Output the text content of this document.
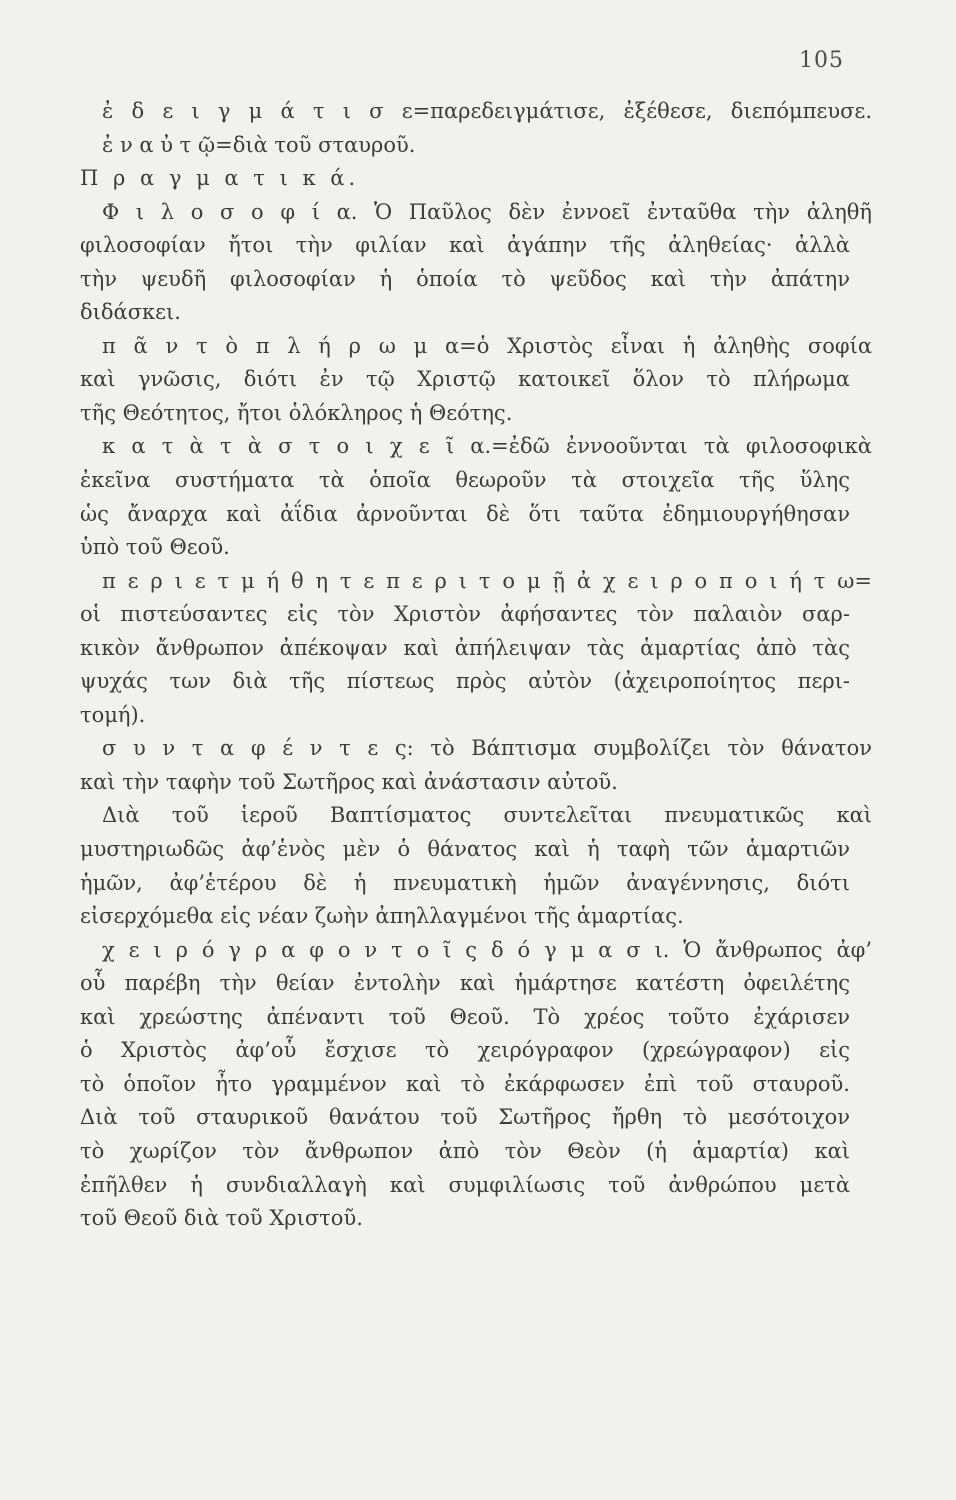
105
ἐ δ ε ι γ μ ά τ ι σ ε=παρεδειγμάτισε, ἐξέθεσε, διεπόμπευσε.
ἐ ν α ὐ τ ῷ=διὰ τοῦ σταυροῦ.
Π ρ α γ μ α τ ι κ ά.
Φ ι λ ο σ ο φ ί α. Ὁ Παῦλος δὲν ἐννοεῖ ἐνταῦθα τὴν ἀληθῆ
φιλοσοφίαν ἤτοι τὴν φιλίαν καὶ ἀγάπην τῆς ἀληθείας· ἀλλὰ
τὴν ψευδῆ φιλοσοφίαν ἡ ὁποία τὸ ψεῦδος καὶ τὴν ἀπάτην
διδάσκει.
π ᾶ ν τ ὸ π λ ή ρ ω μ α=ὁ Χριστὸς εἶναι ἡ ἀληθὴς σοφία
καὶ γνῶσις, διότι ἐν τῷ Χριστῷ κατοικεῖ ὅλον τὸ πλήρωμα
τῆς Θεότητος, ἤτοι ὁλόκληρος ἡ Θεότης.
κ α τ ὰ τ ὰ σ τ ο ι χ ε ῖ α.=ἐδῶ ἐννοοῦνται τὰ φιλοσοφικὰ
ἐκεῖνα συστήματα τὰ ὁποῖα θεωροῦν τὰ στοιχεῖα τῆς ὕλης
ὡς ἄναρχα καὶ ἀΐδια ἀρνοῦνται δὲ ὅτι ταῦτα ἐδημιουργήθησαν
ὑπὸ τοῦ Θεοῦ.
π ε ρ ι ε τ μ ή θ η τ ε π ε ρ ι τ ο μ ῇ ἀ χ ε ι ρ ο π ο ι ή τ ω=
οἱ πιστεύσαντες εἰς τὸν Χριστὸν ἀφήσαντες τὸν παλαιὸν σαρ-
κικὸν ἄνθρωπον ἀπέκοψαν καὶ ἀπήλειψαν τὰς ἁμαρτίας ἀπὸ τὰς
ψυχάς των διὰ τῆς πίστεως πρὸς αὐτὸν (ἀχειροποίητος περι-
τομή).
σ υ ν τ α φ έ ν τ ε ς: τὸ Βάπτισμα συμβολίζει τὸν θάνατον
καὶ τὴν ταφὴν τοῦ Σωτῆρος καὶ ἀνάστασιν αὐτοῦ.
Διὰ τοῦ ἱεροῦ Βαπτίσματος συντελεῖται πνευματικῶς καὶ
μυστηριωδῶς ἀφ’ἑνὸς μὲν ὁ θάνατος καὶ ἡ ταφὴ τῶν ἁμαρτιῶν
ἡμῶν, ἀφ’ἑτέρου δὲ ἡ πνευματικὴ ἡμῶν ἀναγέννησις, διότι
εἰσερχόμεθα εἰς νέαν ζωὴν ἀπηλλαγμένοι τῆς ἁμαρτίας.
χ ε ι ρ ό γ ρ α φ ο ν τ ο ῖ ς δ ό γ μ α σ ι. Ὁ ἄνθρωπος ἀφ’
οὗ παρέβη τὴν θείαν ἐντολὴν καὶ ἡμάρτησε κατέστη ὀφειλέτης
καὶ χρεώστης ἀπέναντι τοῦ Θεοῦ. Τὸ χρέος τοῦτο ἐχάρισεν
ὁ Χριστὸς ἀφ’οὗ ἔσχισε τὸ χειρόγραφον (χρεώγραφον) εἰς
τὸ ὁποῖον ἦτο γραμμένον καὶ τὸ ἐκάρφωσεν ἐπὶ τοῦ σταυροῦ.
Διὰ τοῦ σταυρικοῦ θανάτου τοῦ Σωτῆρος ἤρθη τὸ μεσότοιχον
τὸ χωρίζον τὸν ἄνθρωπον ἀπὸ τὸν Θεὸν (ἡ ἁμαρτία) καὶ
ἐπῆλθεν ἡ συνδιαλλαγὴ καὶ συμφιλίωσις τοῦ ἀνθρώπου μετὰ
τοῦ Θεοῦ διὰ τοῦ Χριστοῦ.
